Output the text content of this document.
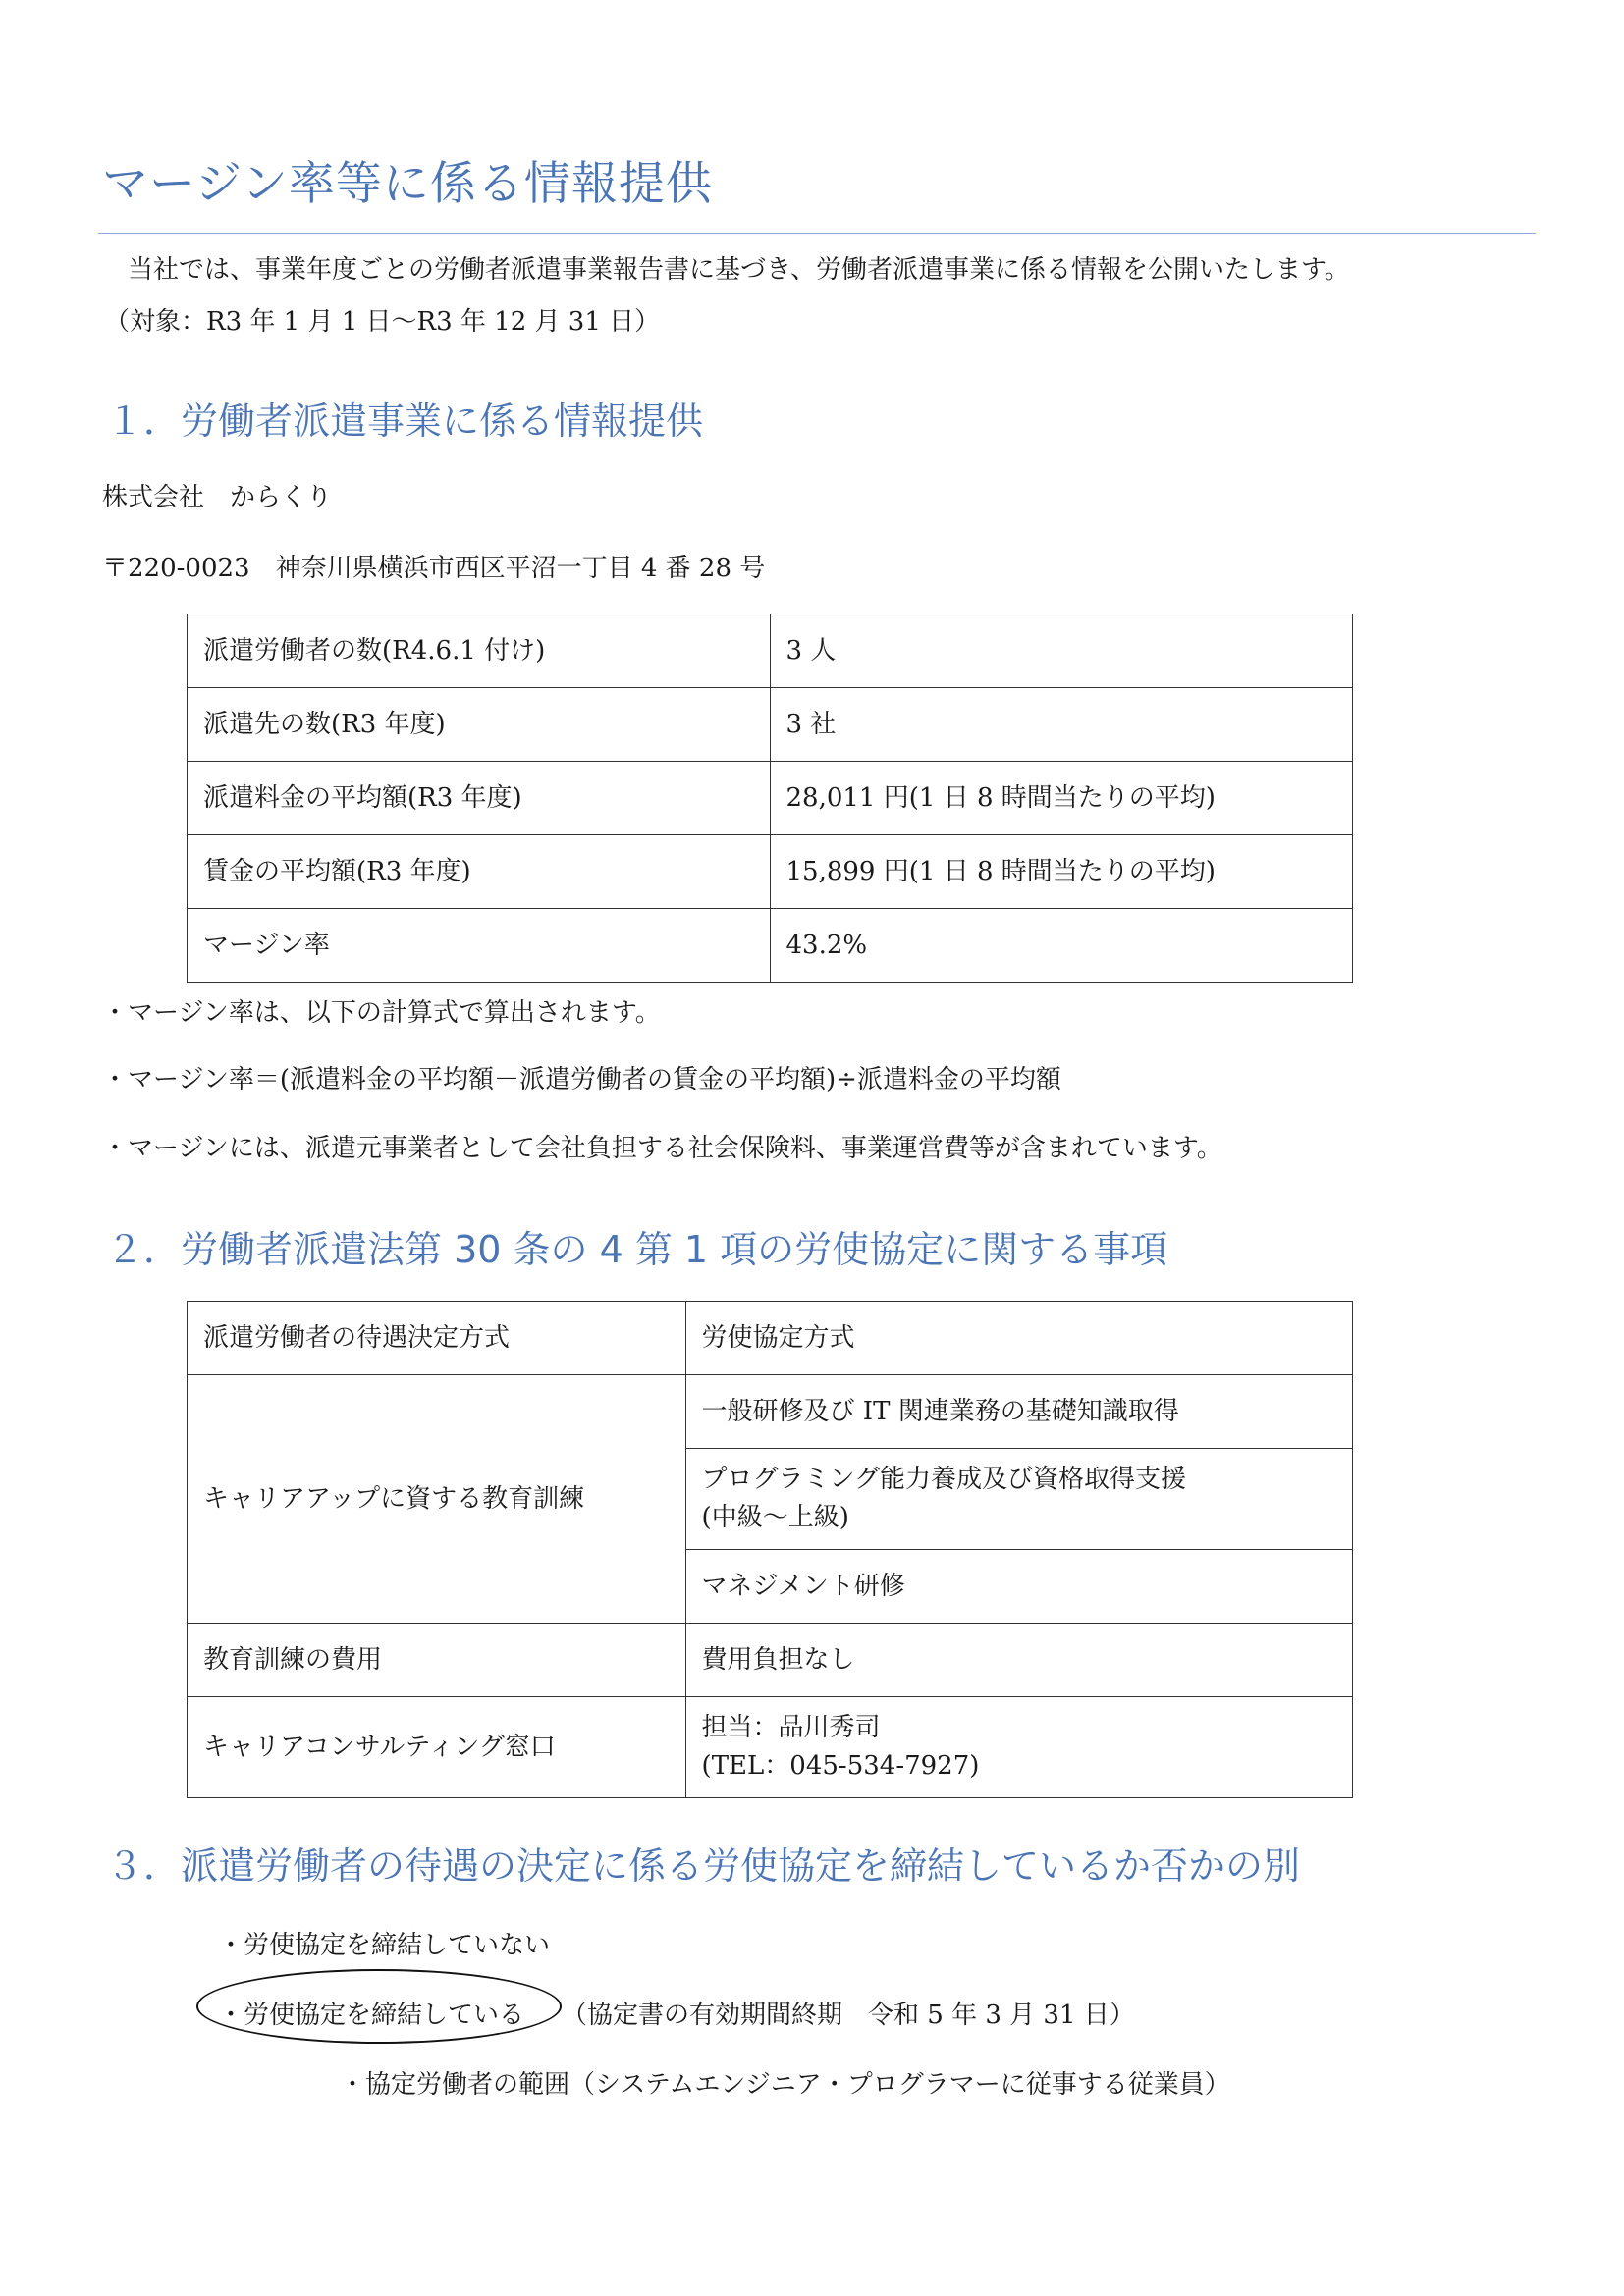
マージン率等に係る情報提供
当社では、事業年度ごとの労働者派遣事業報告書に基づき、労働者派遣事業に係る情報を公開いたします。
（対象：R3 年 1 月 1 日〜R3 年 12 月 31 日）
１．労働者派遣事業に係る情報提供
株式会社　からくり
〒220-0023　神奈川県横浜市西区平沼一丁目 4 番 28 号
派遣労働者の数(R4.6.1 付け)	3 人
派遣先の数(R3 年度)	3 社
派遣料金の平均額(R3 年度)	28,011 円(1 日 8 時間当たりの平均)
賃金の平均額(R3 年度)	15,899 円(1 日 8 時間当たりの平均)
マージン率	43.2%
・マージン率は、以下の計算式で算出されます。
・マージン率＝(派遣料金の平均額－派遣労働者の賃金の平均額)÷派遣料金の平均額
・マージンには、派遣元事業者として会社負担する社会保険料、事業運営費等が含まれています。
２．労働者派遣法第 30 条の 4 第 1 項の労使協定に関する事項
派遣労働者の待遇決定方式	労使協定方式
キャリアアップに資する教育訓練	一般研修及び IT 関連業務の基礎知識取得

	プログラミング能力養成及び資格取得支援
(中級〜上級)

	マネジメント研修
教育訓練の費用	費用負担なし
キャリアコンサルティング窓口	担当：品川秀司
(TEL：045-534-7927)
３．派遣労働者の待遇の決定に係る労使協定を締結しているか否かの別
・労使協定を締結していない
・労使協定を締結している （協定書の有効期間終期　令和 5 年 3 月 31 日）
・協定労働者の範囲（システムエンジニア・プログラマーに従事する従業員）
